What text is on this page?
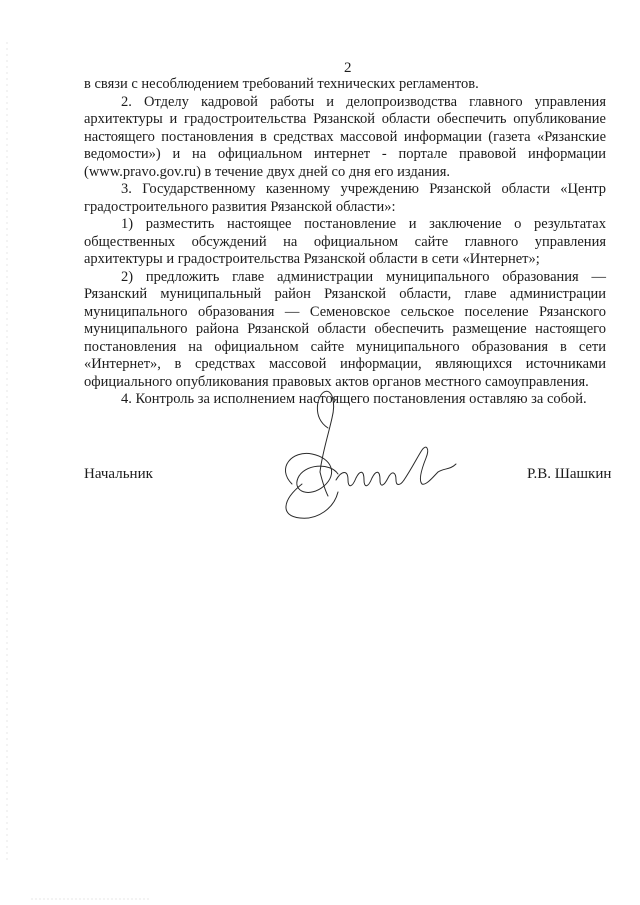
2

в связи с несоблюдением требований технических регламентов.

2. Отделу кадровой работы и делопроизводства главного управления архитектуры и градостроительства Рязанской области обеспечить опубликование настоящего постановления в средствах массовой информации (газета «Рязанские ведомости») и на официальном интернет - портале правовой информации (www.pravo.gov.ru) в течение двух дней со дня его издания.

3. Государственному казенному учреждению Рязанской области «Центр градостроительного развития Рязанской области»:

1) разместить настоящее постановление и заключение о результатах общественных обсуждений на официальном сайте главного управления архитектуры и градостроительства Рязанской области в сети «Интернет»;

2) предложить главе администрации муниципального образования — Рязанский муниципальный район Рязанской области, главе администрации муниципального образования — Семеновское сельское поселение Рязанского муниципального района Рязанской области обеспечить размещение настоящего постановления на официальном сайте муниципального образования в сети «Интернет», в средствах массовой информации, являющихся источниками официального опубликования правовых актов органов местного самоуправления.

4. Контроль за исполнением настоящего постановления оставляю за собой.

Начальник	Р.В. Шашкин
